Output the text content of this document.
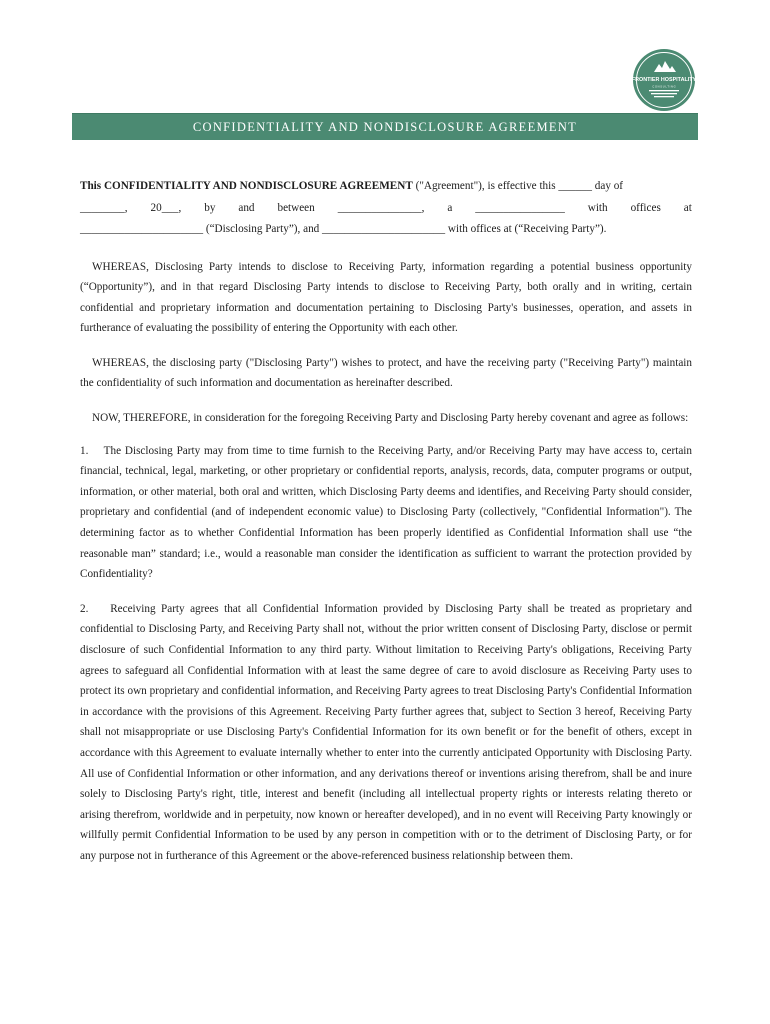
FRONTIER HOSPITALITY
C O N S U L T I N G
CONFIDENTIALITY AND NONDISCLOSURE AGREEMENT
This CONFIDENTIALITY AND NONDISCLOSURE AGREEMENT ("Agreement"), is effective this ______ day of
________, 20___, by and between _______________, a ________________ with offices at
______________________ (“Disclosing Party”), and ______________________ with offices at (“Receiving Party”).

WHEREAS, Disclosing Party intends to disclose to Receiving Party, information regarding a potential business opportunity (“Opportunity”), and in that regard Disclosing Party intends to disclose to Receiving Party, both orally and in writing, certain confidential and proprietary information and documentation pertaining to Disclosing Party's businesses, operation, and assets in furtherance of evaluating the possibility of entering the Opportunity with each other.

WHEREAS, the disclosing party ("Disclosing Party") wishes to protect, and have the receiving party ("Receiving Party") maintain the confidentiality of such information and documentation as hereinafter described.

NOW, THEREFORE, in consideration for the foregoing Receiving Party and Disclosing Party hereby covenant and agree as follows:

1.    The Disclosing Party may from time to time furnish to the Receiving Party, and/or Receiving Party may have access to, certain financial, technical, legal, marketing, or other proprietary or confidential reports, analysis, records, data, computer programs or output, information, or other material, both oral and written, which Disclosing Party deems and identifies, and Receiving Party should consider, proprietary and confidential (and of independent economic value) to Disclosing Party (collectively, "Confidential Information"). The determining factor as to whether Confidential Information has been properly identified as Confidential Information shall use “the reasonable man” standard; i.e., would a reasonable man consider the identification as sufficient to warrant the protection provided by Confidentiality?

2.    Receiving Party agrees that all Confidential Information provided by Disclosing Party shall be treated as proprietary and confidential to Disclosing Party, and Receiving Party shall not, without the prior written consent of Disclosing Party, disclose or permit disclosure of such Confidential Information to any third party. Without limitation to Receiving Party's obligations, Receiving Party agrees to safeguard all Confidential Information with at least the same degree of care to avoid disclosure as Receiving Party uses to protect its own proprietary and confidential information, and Receiving Party agrees to treat Disclosing Party's Confidential Information in accordance with the provisions of this Agreement. Receiving Party further agrees that, subject to Section 3 hereof, Receiving Party shall not misappropriate or use Disclosing Party's Confidential Information for its own benefit or for the benefit of others, except in accordance with this Agreement to evaluate internally whether to enter into the currently anticipated Opportunity with Disclosing Party. All use of Confidential Information or other information, and any derivations thereof or inventions arising therefrom, shall be and inure solely to Disclosing Party's right, title, interest and benefit (including all intellectual property rights or interests relating thereto or arising therefrom, worldwide and in perpetuity, now known or hereafter developed), and in no event will Receiving Party knowingly or willfully permit Confidential Information to be used by any person in competition with or to the detriment of Disclosing Party, or for any purpose not in furtherance of this Agreement or the above-referenced business relationship between them.
